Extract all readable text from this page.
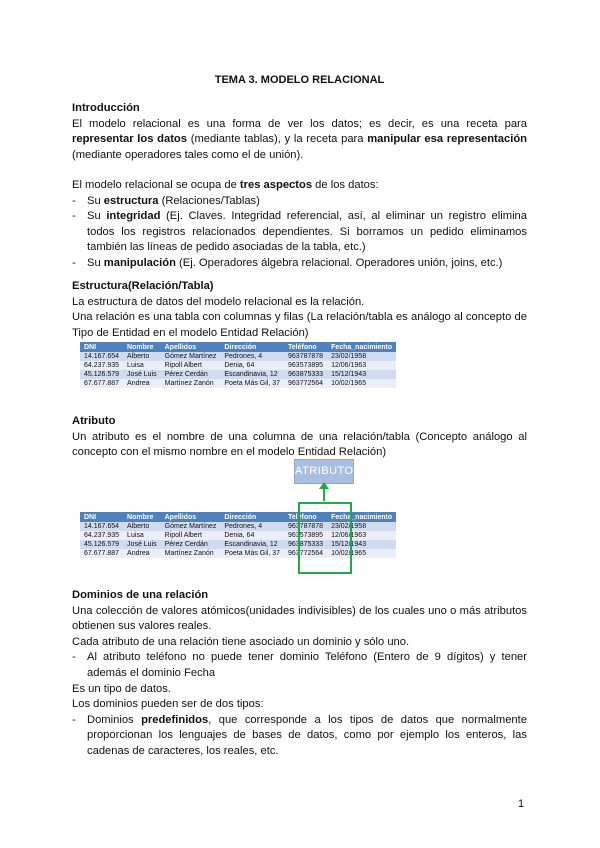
TEMA 3. MODELO RELACIONAL
Introducción
El modelo relacional es una forma de ver los datos; es decir, es una receta para representar los datos (mediante tablas), y la receta para manipular esa representación (mediante operadores tales como el de unión).
El modelo relacional se ocupa de tres aspectos de los datos:
- Su estructura (Relaciones/Tablas)
- Su integridad (Ej. Claves. Integridad referencial, así, al eliminar un registro elimina todos los registros relacionados dependientes. Si borramos un pedido eliminamos también las líneas de pedido asociadas de la tabla, etc.)
- Su manipulación (Ej. Operadores álgebra relacional. Operadores unión, joins, etc.)
Estructura(Relación/Tabla)
La estructura de datos del modelo relacional es la relación.
Una relación es una tabla con columnas y filas (La relación/tabla es análogo al concepto de Tipo de Entidad en el modelo Entidad Relación)
DNI	Nombre	Apellidos	Dirección	Teléfono	Fecha_nacimiento
14.167.654	Alberto	Gómez Martínez	Pedrones, 4	963787878	23/02/1958
64.237.935	Luisa	Ripoll Albert	Denia, 64	963573895	12/06/1963
45.126.579	José Luis	Pérez Cerdán	Escandinavia, 12	963875333	15/12/1943
67.677.887	Andrea	Martínez Zanón	Poeta Más Gil, 37	963772564	10/02/1965
Atributo
Un atributo es el nombre de una columna de una relación/tabla (Concepto análogo al concepto con el mismo nombre en el modelo Entidad Relación)
ATRIBUTO
DNI	Nombre	Apellidos	Dirección	Teléfono	Fecha_nacimiento
14.167.654	Alberto	Gómez Martínez	Pedrones, 4	963787878	23/02/1958
64.237.935	Luisa	Ripoll Albert	Denia, 64	963573895	12/06/1963
45.126.579	José Luis	Pérez Cerdán	Escandinavia, 12	963875333	15/12/1943
67.677.887	Andrea	Martínez Zanón	Poeta Más Gil, 37	963772564	10/02/1965
Dominios de una relación
Una colección de valores atómicos(unidades indivisibles) de los cuales uno o más atributos obtienen sus valores reales.
Cada atributo de una relación tiene asociado un dominio y sólo uno.
- Al atributo teléfono no puede tener dominio Teléfono (Entero de 9 dígitos) y tener además el dominio Fecha
Es un tipo de datos.
Los dominios pueden ser de dos tipos:
- Dominios predefinidos, que corresponde a los tipos de datos que normalmente proporcionan los lenguajes de bases de datos, como por ejemplo los enteros, las cadenas de caracteres, los reales, etc.
1
